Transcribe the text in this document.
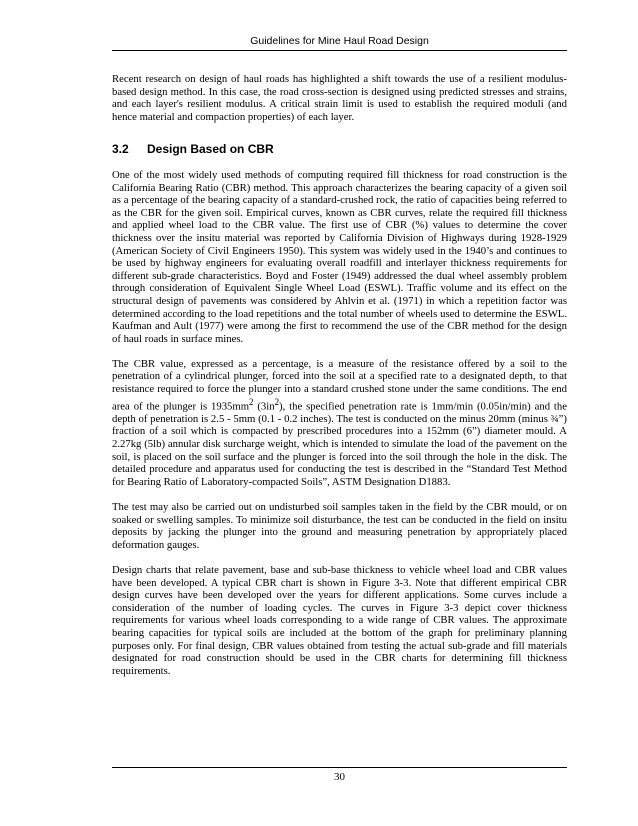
Guidelines for Mine Haul Road Design

Recent research on design of haul roads has highlighted a shift towards the use of a resilient modulus-based design method. In this case, the road cross-section is designed using predicted stresses and strains, and each layer's resilient modulus. A critical strain limit is used to establish the required moduli (and hence material and compaction properties) of each layer.

3.2	Design Based on CBR

One of the most widely used methods of computing required fill thickness for road construction is the California Bearing Ratio (CBR) method. This approach characterizes the bearing capacity of a given soil as a percentage of the bearing capacity of a standard-crushed rock, the ratio of capacities being referred to as the CBR for the given soil. Empirical curves, known as CBR curves, relate the required fill thickness and applied wheel load to the CBR value. The first use of CBR (%) values to determine the cover thickness over the insitu material was reported by California Division of Highways during 1928-1929 (American Society of Civil Engineers 1950). This system was widely used in the 1940’s and continues to be used by highway engineers for evaluating overall roadfill and interlayer thickness requirements for different sub-grade characteristics. Boyd and Foster (1949) addressed the dual wheel assembly problem through consideration of Equivalent Single Wheel Load (ESWL). Traffic volume and its effect on the structural design of pavements was considered by Ahlvin et al. (1971) in which a repetition factor was determined according to the load repetitions and the total number of wheels used to determine the ESWL. Kaufman and Ault (1977) were among the first to recommend the use of the CBR method for the design of haul roads in surface mines.

The CBR value, expressed as a percentage, is a measure of the resistance offered by a soil to the penetration of a cylindrical plunger, forced into the soil at a specified rate to a designated depth, to that resistance required to force the plunger into a standard crushed stone under the same conditions. The end area of the plunger is $1935mm^2$ $(3in^2)$, the specified penetration rate is 1mm/min (0.05in/min) and the depth of penetration is 2.5 - 5mm (0.1 - 0.2 inches). The test is conducted on the minus 20mm (minus ¾”) fraction of a soil which is compacted by prescribed procedures into a 152mm (6”) diameter mould. A 2.27kg (5lb) annular disk surcharge weight, which is intended to simulate the load of the pavement on the soil, is placed on the soil surface and the plunger is forced into the soil through the hole in the disk. The detailed procedure and apparatus used for conducting the test is described in the “Standard Test Method for Bearing Ratio of Laboratory-compacted Soils”, ASTM Designation D1883.

The test may also be carried out on undisturbed soil samples taken in the field by the CBR mould, or on soaked or swelling samples. To minimize soil disturbance, the test can be conducted in the field on insitu deposits by jacking the plunger into the ground and measuring penetration by appropriately placed deformation gauges.

Design charts that relate pavement, base and sub-base thickness to vehicle wheel load and CBR values have been developed. A typical CBR chart is shown in Figure 3-3. Note that different empirical CBR design curves have been developed over the years for different applications. Some curves include a consideration of the number of loading cycles. The curves in Figure 3-3 depict cover thickness requirements for various wheel loads corresponding to a wide range of CBR values. The approximate bearing capacities for typical soils are included at the bottom of the graph for preliminary planning purposes only. For final design, CBR values obtained from testing the actual sub-grade and fill materials designated for road construction should be used in the CBR charts for determining fill thickness requirements.

30
